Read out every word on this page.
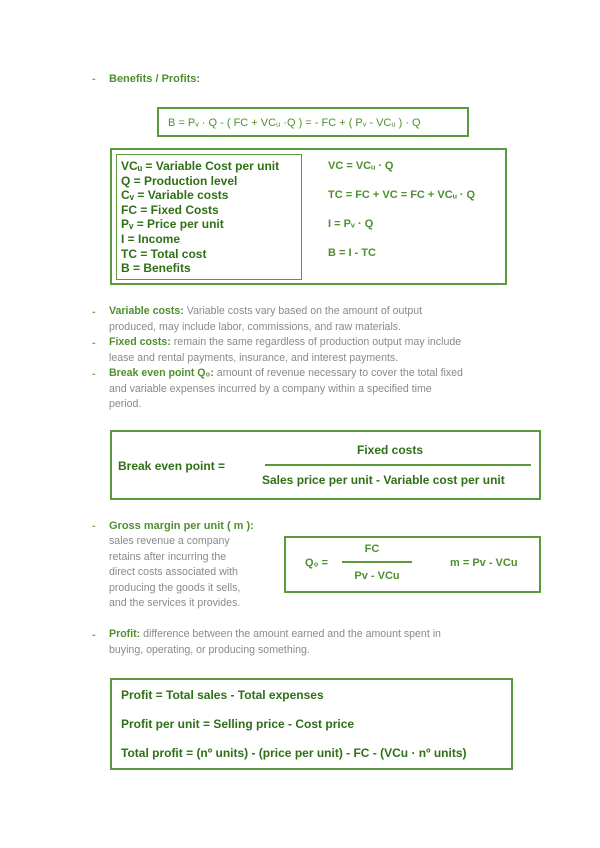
- Benefits / Profits:
B = Pᵥ · Q - ( FC + VCᵤ ·Q ) = - FC + ( Pᵥ - VCᵤ ) · Q
VCᵤ = Variable Cost per unit
Q = Production level
Cᵥ = Variable costs
FC = Fixed Costs
Pᵥ = Price per unit
I = Income
TC = Total cost
B = Benefits
VC = VCᵤ · Q
TC = FC + VC = FC + VCᵤ · Q
I = Pᵥ · Q
B = I - TC
- Variable costs: Variable costs vary based on the amount of output
produced, may include labor, commissions, and raw materials.
- Fixed costs: remain the same regardless of production output may include
lease and rental payments, insurance, and interest payments.
- Break even point Q₀: amount of revenue necessary to cover the total fixed
and variable expenses incurred by a company within a specified time
period.
Break even point =
Fixed costs
Sales price per unit - Variable cost per unit
- Gross margin per unit ( m ):
sales revenue a company
retains after incurring the
direct costs associated with
producing the goods it sells,
and the services it provides.
Q₀ =
FC
Pv - VCu
m = Pv - VCu
- Profit: difference between the amount earned and the amount spent in
buying, operating, or producing something.
Profit = Total sales - Total expenses
Profit per unit = Selling price - Cost price
Total profit = (nº units) - (price per unit) - FC - (VCu · nº units)
